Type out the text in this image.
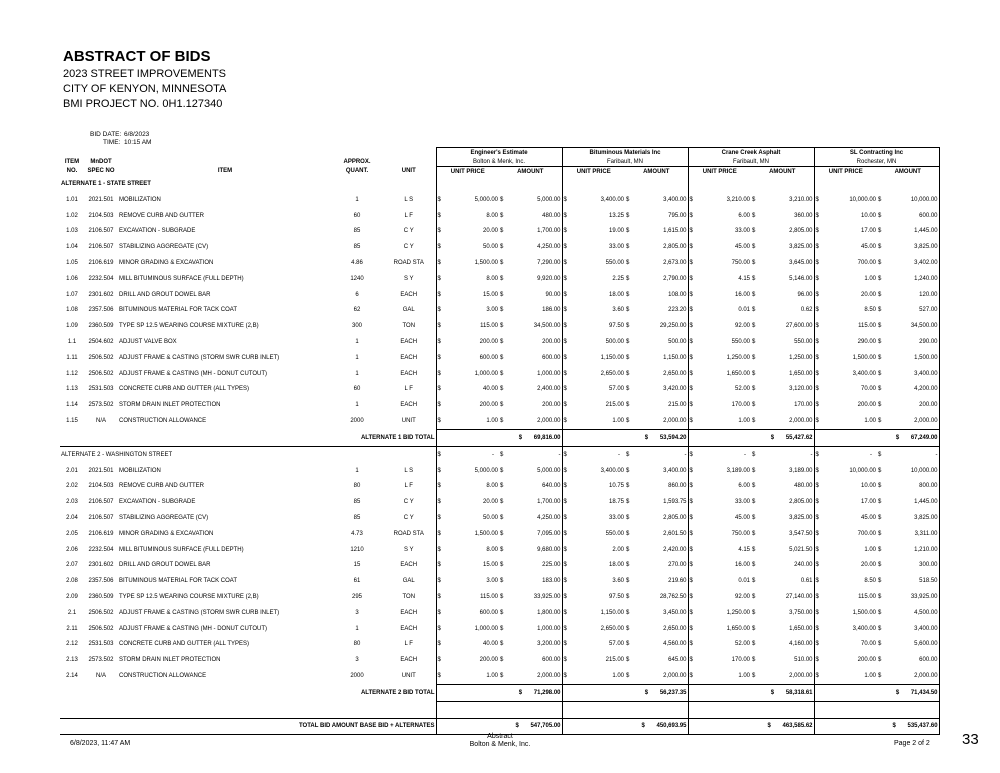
ABSTRACT OF BIDS
2023 STREET IMPROVEMENTS
CITY OF KENYON, MINNESOTA
BMI PROJECT NO. 0H1.127340
BID DATE: 6/8/2023
TIME: 10:15 AM
					Engineer's Estimate		Bituminous Materials Inc		Crane Creek Asphalt		SL Contracting Inc	
ITEM	MnDOT		APPROX.		Bolton & Menk, Inc.		Faribault, MN		Faribault, MN		Rochester, MN	
NO.	SPEC NO	ITEM	QUANT.	UNIT	UNIT PRICE	AMOUNT	UNIT PRICE	AMOUNT	UNIT PRICE	AMOUNT	UNIT PRICE	AMOUNT
ALTERNATE 1 - STATE STREET												
1.01	2021.501	MOBILIZATION	1	L S	$ 5,000.00	$ 5,000.00	$ 3,400.00	$ 3,400.00	$ 3,210.00	$ 3,210.00	$ 10,000.00	$ 10,000.00
1.02	2104.503	REMOVE CURB AND GUTTER	60	L F	$ 8.00	$ 480.00	$ 13.25	$ 795.00	$ 6.00	$ 360.00	$ 10.00	$ 600.00
1.03	2106.507	EXCAVATION - SUBGRADE	85	C Y	$ 20.00	$ 1,700.00	$ 19.00	$ 1,615.00	$ 33.00	$ 2,805.00	$ 17.00	$ 1,445.00
1.04	2106.507	STABILIZING AGGREGATE (CV)	85	C Y	$ 50.00	$ 4,250.00	$ 33.00	$ 2,805.00	$ 45.00	$ 3,825.00	$ 45.00	$ 3,825.00
1.05	2106.619	MINOR GRADING & EXCAVATION	4.86	ROAD STA	$ 1,500.00	$ 7,290.00	$ 550.00	$ 2,673.00	$ 750.00	$ 3,645.00	$ 700.00	$ 3,402.00
1.06	2232.504	MILL BITUMINOUS SURFACE (FULL DEPTH)	1240	S Y	$ 8.00	$ 9,920.00	$ 2.25	$ 2,790.00	$ 4.15	$ 5,146.00	$ 1.00	$ 1,240.00
1.07	2301.602	DRILL AND GROUT DOWEL BAR	6	EACH	$ 15.00	$ 90.00	$ 18.00	$ 108.00	$ 16.00	$ 96.00	$ 20.00	$ 120.00
1.08	2357.506	BITUMINOUS MATERIAL FOR TACK COAT	62	GAL	$ 3.00	$ 186.00	$ 3.60	$ 223.20	$ 0.01	$ 0.62	$ 8.50	$ 527.00
1.09	2360.509	TYPE SP 12.5 WEARING COURSE MIXTURE (2,B)	300	TON	$ 115.00	$ 34,500.00	$ 97.50	$ 29,250.00	$ 92.00	$ 27,600.00	$ 115.00	$ 34,500.00
1.1	2504.602	ADJUST VALVE BOX	1	EACH	$ 200.00	$ 200.00	$ 500.00	$ 500.00	$ 550.00	$ 550.00	$ 290.00	$ 290.00
1.11	2506.502	ADJUST FRAME & CASTING (STORM SWR CURB INLET)	1	EACH	$ 600.00	$ 600.00	$ 1,150.00	$ 1,150.00	$ 1,250.00	$ 1,250.00	$ 1,500.00	$ 1,500.00
1.12	2506.502	ADJUST FRAME & CASTING (MH - DONUT CUTOUT)	1	EACH	$ 1,000.00	$ 1,000.00	$ 2,650.00	$ 2,650.00	$ 1,650.00	$ 1,650.00	$ 3,400.00	$ 3,400.00
1.13	2531.503	CONCRETE CURB AND GUTTER (ALL TYPES)	60	L F	$ 40.00	$ 2,400.00	$ 57.00	$ 3,420.00	$ 52.00	$ 3,120.00	$ 70.00	$ 4,200.00
1.14	2573.502	STORM DRAIN INLET PROTECTION	1	EACH	$ 200.00	$ 200.00	$ 215.00	$ 215.00	$ 170.00	$ 170.00	$ 200.00	$ 200.00
1.15	N/A	CONSTRUCTION ALLOWANCE	2000	UNIT	$ 1.00	$ 2,000.00	$ 1.00	$ 2,000.00	$ 1.00	$ 2,000.00	$ 1.00	$ 2,000.00
ALTERNATE 1 BID TOTAL						$ 69,816.00		$ 53,594.20		$ 55,427.62		$ 67,249.00
ALTERNATE 2 - WASHINGTON STREET					$ -	$ -	$ -	$ -	$ -	$ -	$ -	$ -
2.01	2021.501	MOBILIZATION	1	L S	$ 5,000.00	$ 5,000.00	$ 3,400.00	$ 3,400.00	$ 3,189.00	$ 3,189.00	$ 10,000.00	$ 10,000.00
2.02	2104.503	REMOVE CURB AND GUTTER	80	L F	$ 8.00	$ 640.00	$ 10.75	$ 860.00	$ 6.00	$ 480.00	$ 10.00	$ 800.00
2.03	2106.507	EXCAVATION - SUBGRADE	85	C Y	$ 20.00	$ 1,700.00	$ 18.75	$ 1,593.75	$ 33.00	$ 2,805.00	$ 17.00	$ 1,445.00
2.04	2106.507	STABILIZING AGGREGATE (CV)	85	C Y	$ 50.00	$ 4,250.00	$ 33.00	$ 2,805.00	$ 45.00	$ 3,825.00	$ 45.00	$ 3,825.00
2.05	2106.619	MINOR GRADING & EXCAVATION	4.73	ROAD STA	$ 1,500.00	$ 7,095.00	$ 550.00	$ 2,601.50	$ 750.00	$ 3,547.50	$ 700.00	$ 3,311.00
2.06	2232.504	MILL BITUMINOUS SURFACE (FULL DEPTH)	1210	S Y	$ 8.00	$ 9,680.00	$ 2.00	$ 2,420.00	$ 4.15	$ 5,021.50	$ 1.00	$ 1,210.00
2.07	2301.602	DRILL AND GROUT DOWEL BAR	15	EACH	$ 15.00	$ 225.00	$ 18.00	$ 270.00	$ 16.00	$ 240.00	$ 20.00	$ 300.00
2.08	2357.506	BITUMINOUS MATERIAL FOR TACK COAT	61	GAL	$ 3.00	$ 183.00	$ 3.60	$ 219.60	$ 0.01	$ 0.61	$ 8.50	$ 518.50
2.09	2360.509	TYPE SP 12.5 WEARING COURSE MIXTURE (2,B)	295	TON	$ 115.00	$ 33,925.00	$ 97.50	$ 28,762.50	$ 92.00	$ 27,140.00	$ 115.00	$ 33,925.00
2.1	2506.502	ADJUST FRAME & CASTING (STORM SWR CURB INLET)	3	EACH	$ 600.00	$ 1,800.00	$ 1,150.00	$ 3,450.00	$ 1,250.00	$ 3,750.00	$ 1,500.00	$ 4,500.00
2.11	2506.502	ADJUST FRAME & CASTING (MH - DONUT CUTOUT)	1	EACH	$ 1,000.00	$ 1,000.00	$ 2,650.00	$ 2,650.00	$ 1,650.00	$ 1,650.00	$ 3,400.00	$ 3,400.00
2.12	2531.503	CONCRETE CURB AND GUTTER (ALL TYPES)	80	L F	$ 40.00	$ 3,200.00	$ 57.00	$ 4,560.00	$ 52.00	$ 4,160.00	$ 70.00	$ 5,600.00
2.13	2573.502	STORM DRAIN INLET PROTECTION	3	EACH	$ 200.00	$ 600.00	$ 215.00	$ 645.00	$ 170.00	$ 510.00	$ 200.00	$ 600.00
2.14	N/A	CONSTRUCTION ALLOWANCE	2000	UNIT	$ 1.00	$ 2,000.00	$ 1.00	$ 2,000.00	$ 1.00	$ 2,000.00	$ 1.00	$ 2,000.00
ALTERNATE 2 BID TOTAL						$ 71,298.00		$ 56,237.35		$ 58,318.61		$ 71,434.50

TOTAL BID AMOUNT BASE BID + ALTERNATES						$ 547,705.00		$ 450,693.95		$ 463,585.62		$ 535,437.60
6/8/2023, 11:47 AM
Abstract
Bolton & Menk, Inc.	Page 2 of 2 33
